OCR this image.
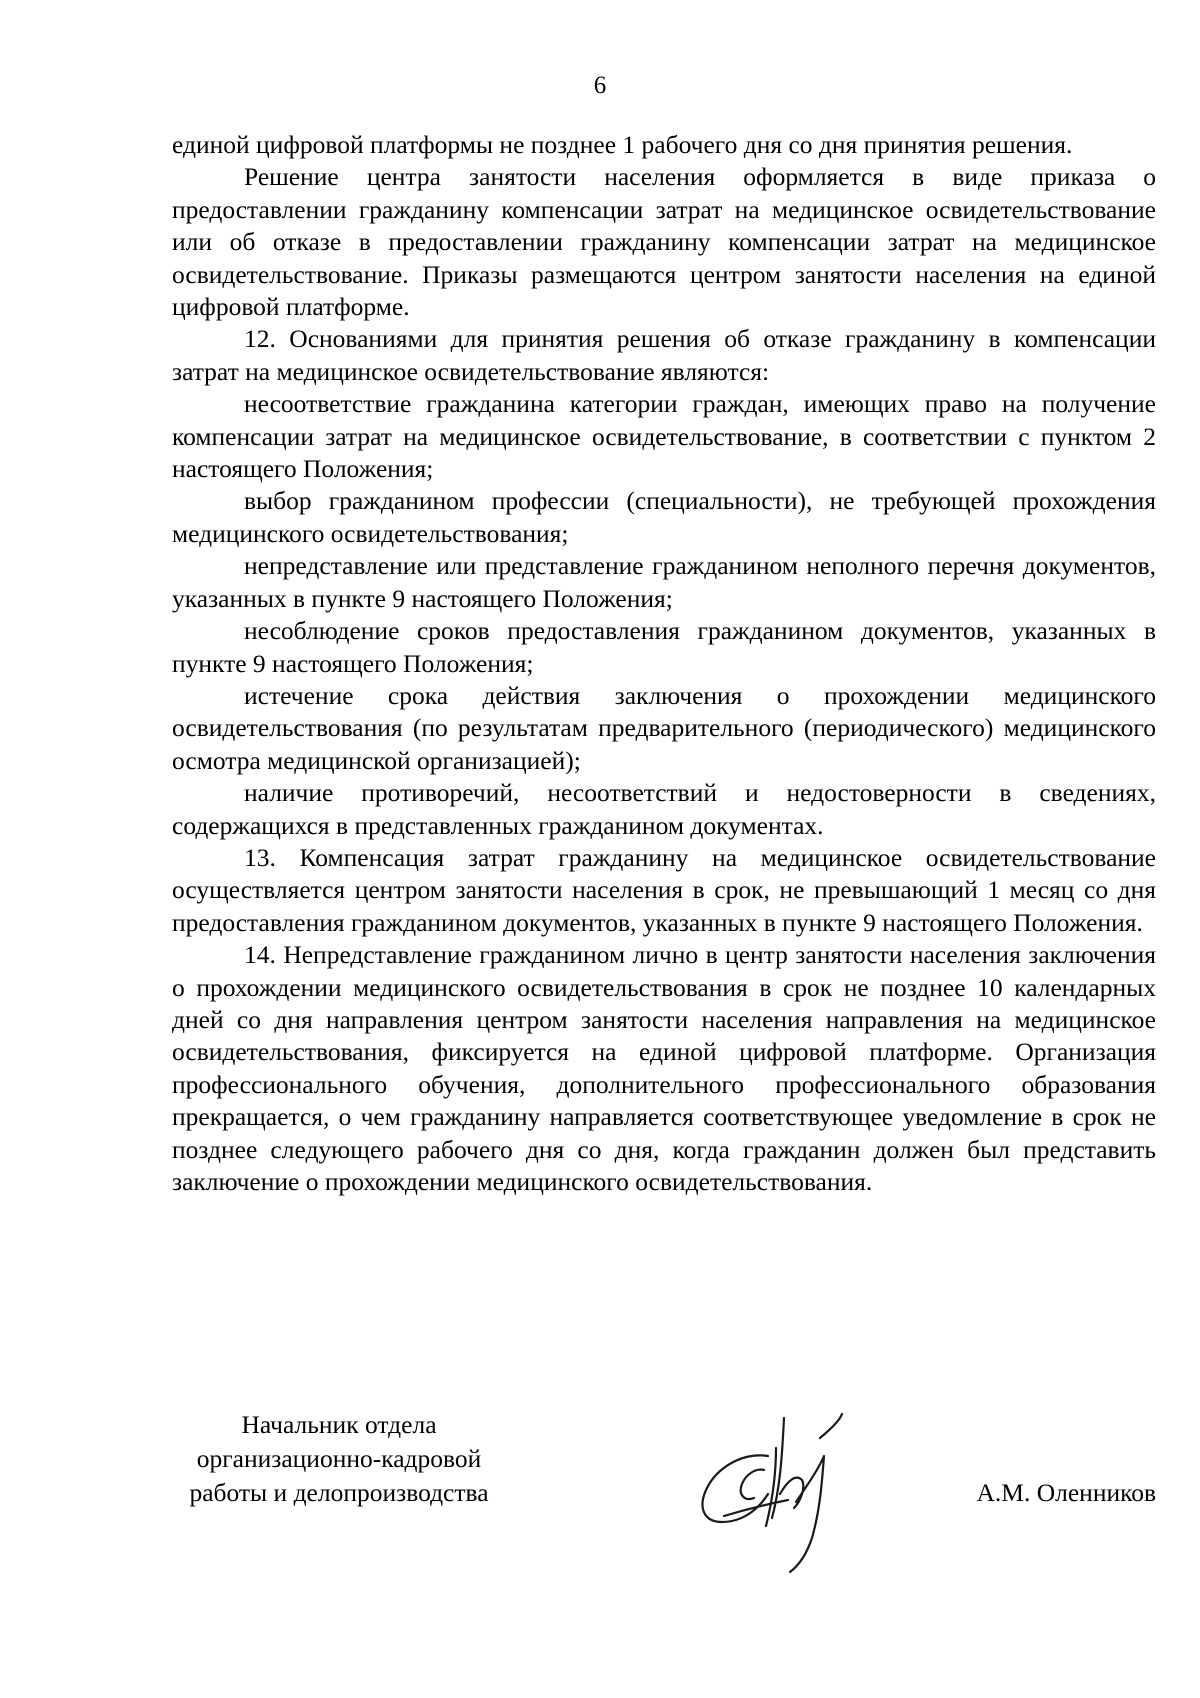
6

единой цифровой платформы не позднее 1 рабочего дня со дня принятия решения.

Решение центра занятости населения оформляется в виде приказа о предоставлении гражданину компенсации затрат на медицинское освидетельствование или об отказе в предоставлении гражданину компенсации затрат на медицинское освидетельствование. Приказы размещаются центром занятости населения на единой цифровой платформе.

12. Основаниями для принятия решения об отказе гражданину в компенсации затрат на медицинское освидетельствование являются:

несоответствие гражданина категории граждан, имеющих право на получение компенсации затрат на медицинское освидетельствование, в соответствии с пунктом 2 настоящего Положения;

выбор гражданином профессии (специальности), не требующей прохождения медицинского освидетельствования;

непредставление или представление гражданином неполного перечня документов, указанных в пункте 9 настоящего Положения;

несоблюдение сроков предоставления гражданином документов, указанных в пункте 9 настоящего Положения;

истечение срока действия заключения о прохождении медицинского освидетельствования (по результатам предварительного (периодического) медицинского осмотра медицинской организацией);

наличие противоречий, несоответствий и недостоверности в сведениях, содержащихся в представленных гражданином документах.

13. Компенсация затрат гражданину на медицинское освидетельствование осуществляется центром занятости населения в срок, не превышающий 1 месяц со дня предоставления гражданином документов, указанных в пункте 9 настоящего Положения.

14. Непредставление гражданином лично в центр занятости населения заключения о прохождении медицинского освидетельствования в срок не позднее 10 календарных дней со дня направления центром занятости населения направления на медицинское освидетельствования, фиксируется на единой цифровой платформе. Организация профессионального обучения, дополнительного профессионального образования прекращается, о чем гражданину направляется соответствующее уведомление в срок не позднее следующего рабочего дня со дня, когда гражданин должен был представить заключение о прохождении медицинского освидетельствования.

Начальник отдела
организационно-кадровой
работы и делопроизводства	А.М. Оленников
